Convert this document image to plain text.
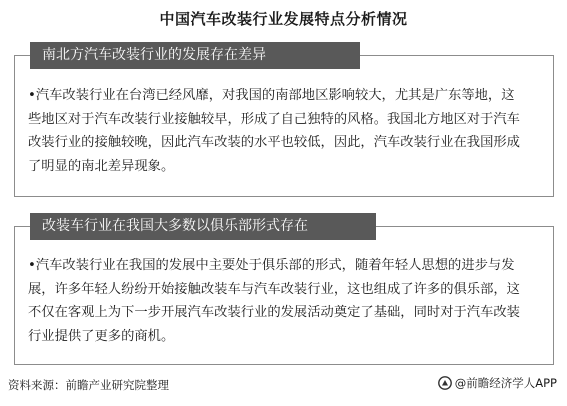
中国汽车改装行业发展特点分析情况
南北方汽车改装行业的发展存在差异
•汽车改装行业在台湾已经风靡，对我国的南部地区影响较大，尤其是广东等地，这些地区对于汽车改装行业接触较早，形成了自己独特的风格。我国北方地区对于汽车改装行业的接触较晚，因此汽车改装的水平也较低，因此，汽车改装行业在我国形成了明显的南北差异现象。
改装车行业在我国大多数以俱乐部形式存在
•汽车改装行业在我国的发展中主要处于俱乐部的形式，随着年轻人思想的进步与发展，许多年轻人纷纷开始接触改装车与汽车改装行业，这也组成了许多的俱乐部，这不仅在客观上为下一步开展汽车改装行业的发展活动奠定了基础，同时对于汽车改装行业提供了更多的商机。
资料来源：前瞻产业研究院整理	@前瞻经济学人APP
